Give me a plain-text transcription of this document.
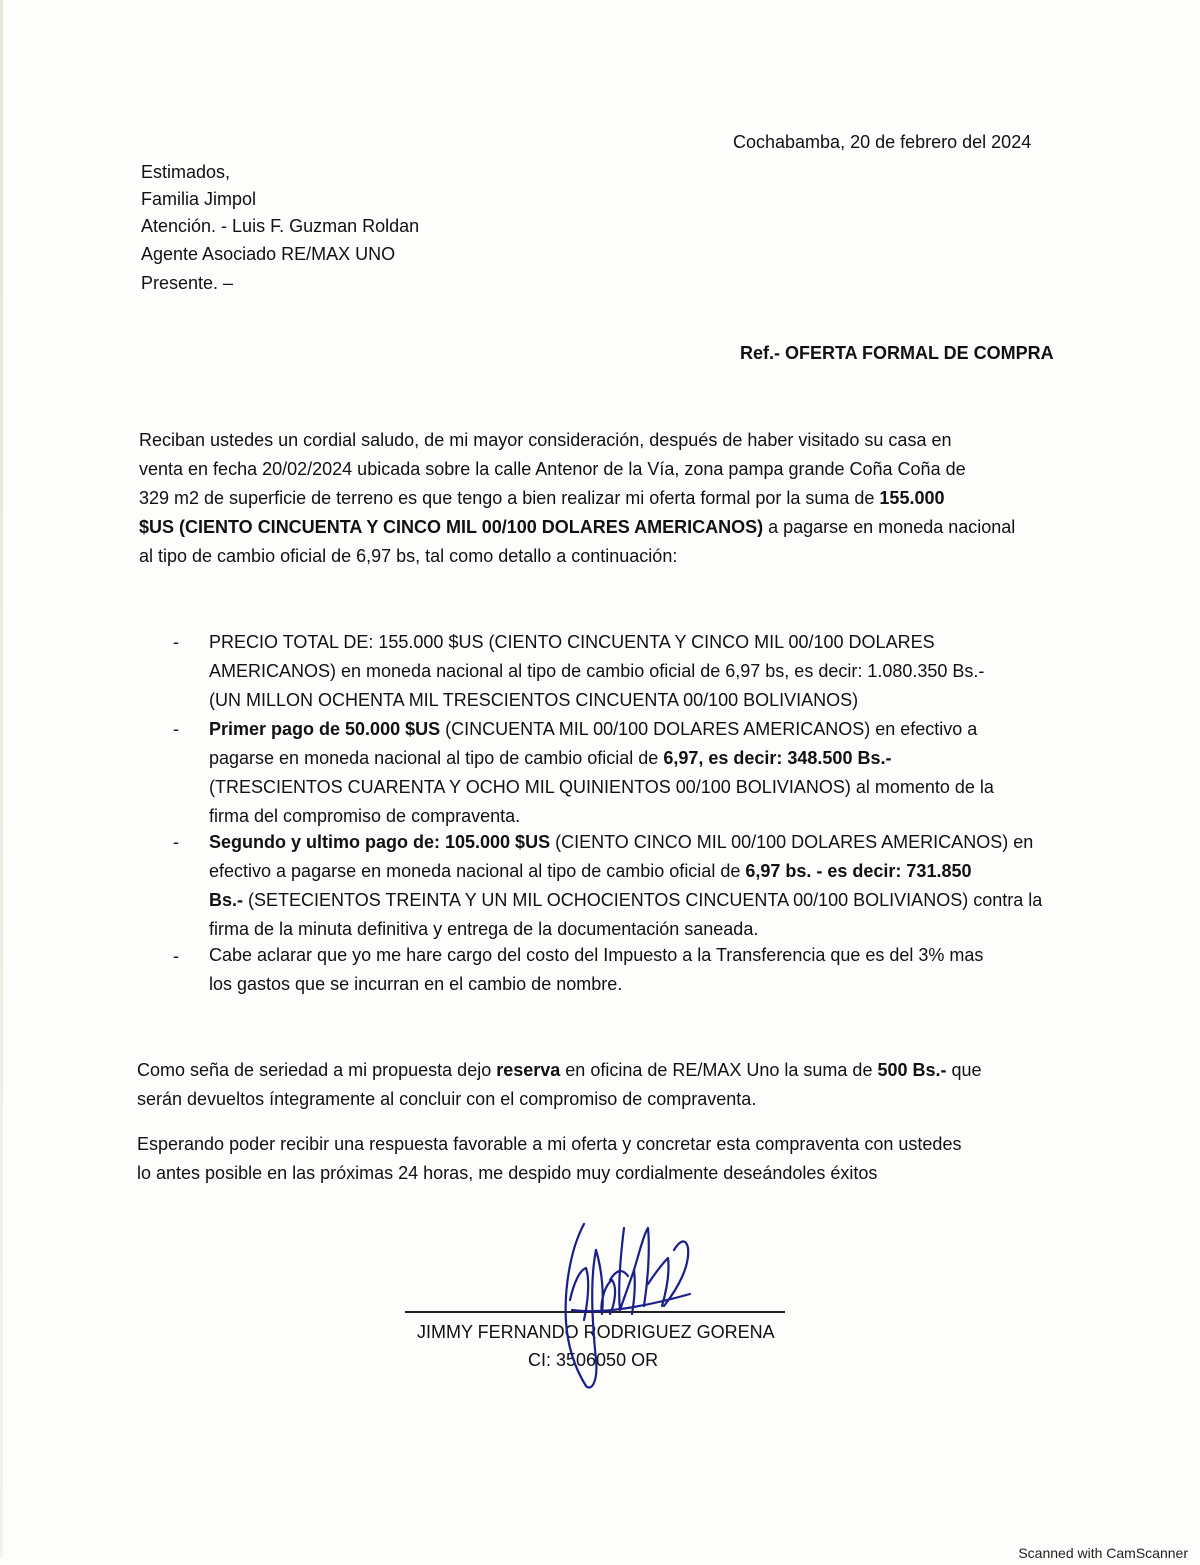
Cochabamba, 20 de febrero del 2024
Estimados,
Familia Jimpol
Atención. - Luis F. Guzman Roldan
Agente Asociado RE/MAX UNO
Presente. –
Ref.- OFERTA FORMAL DE COMPRA
Reciban ustedes un cordial saludo, de mi mayor consideración, después de haber visitado su casa en
venta en fecha 20/02/2024 ubicada sobre la calle Antenor de la Vía, zona pampa grande Coña Coña de
329 m2 de superficie de terreno es que tengo a bien realizar mi oferta formal por la suma de 155.000
$US (CIENTO CINCUENTA Y CINCO MIL 00/100 DOLARES AMERICANOS) a pagarse en moneda nacional
al tipo de cambio oficial de 6,97 bs, tal como detallo a continuación:
- PRECIO TOTAL DE: 155.000 $US (CIENTO CINCUENTA Y CINCO MIL 00/100 DOLARES
AMERICANOS) en moneda nacional al tipo de cambio oficial de 6,97 bs, es decir: 1.080.350 Bs.-
(UN MILLON OCHENTA MIL TRESCIENTOS CINCUENTA 00/100 BOLIVIANOS)
- Primer pago de 50.000 $US (CINCUENTA MIL 00/100 DOLARES AMERICANOS) en efectivo a
pagarse en moneda nacional al tipo de cambio oficial de 6,97, es decir: 348.500 Bs.-
(TRESCIENTOS CUARENTA Y OCHO MIL QUINIENTOS 00/100 BOLIVIANOS) al momento de la
firma del compromiso de compraventa.
- Segundo y ultimo pago de: 105.000 $US (CIENTO CINCO MIL 00/100 DOLARES AMERICANOS) en
efectivo a pagarse en moneda nacional al tipo de cambio oficial de 6,97 bs. - es decir: 731.850
Bs.- (SETECIENTOS TREINTA Y UN MIL OCHOCIENTOS CINCUENTA 00/100 BOLIVIANOS) contra la
firma de la minuta definitiva y entrega de la documentación saneada.
- Cabe aclarar que yo me hare cargo del costo del Impuesto a la Transferencia que es del 3% mas
los gastos que se incurran en el cambio de nombre.
Como seña de seriedad a mi propuesta dejo reserva en oficina de RE/MAX Uno la suma de 500 Bs.- que
serán devueltos íntegramente al concluir con el compromiso de compraventa.
Esperando poder recibir una respuesta favorable a mi oferta y concretar esta compraventa con ustedes
lo antes posible en las próximas 24 horas, me despido muy cordialmente deseándoles éxitos
JIMMY FERNANDO RODRIGUEZ GORENA
CI: 3506050 OR
Scanned with CamScanner
